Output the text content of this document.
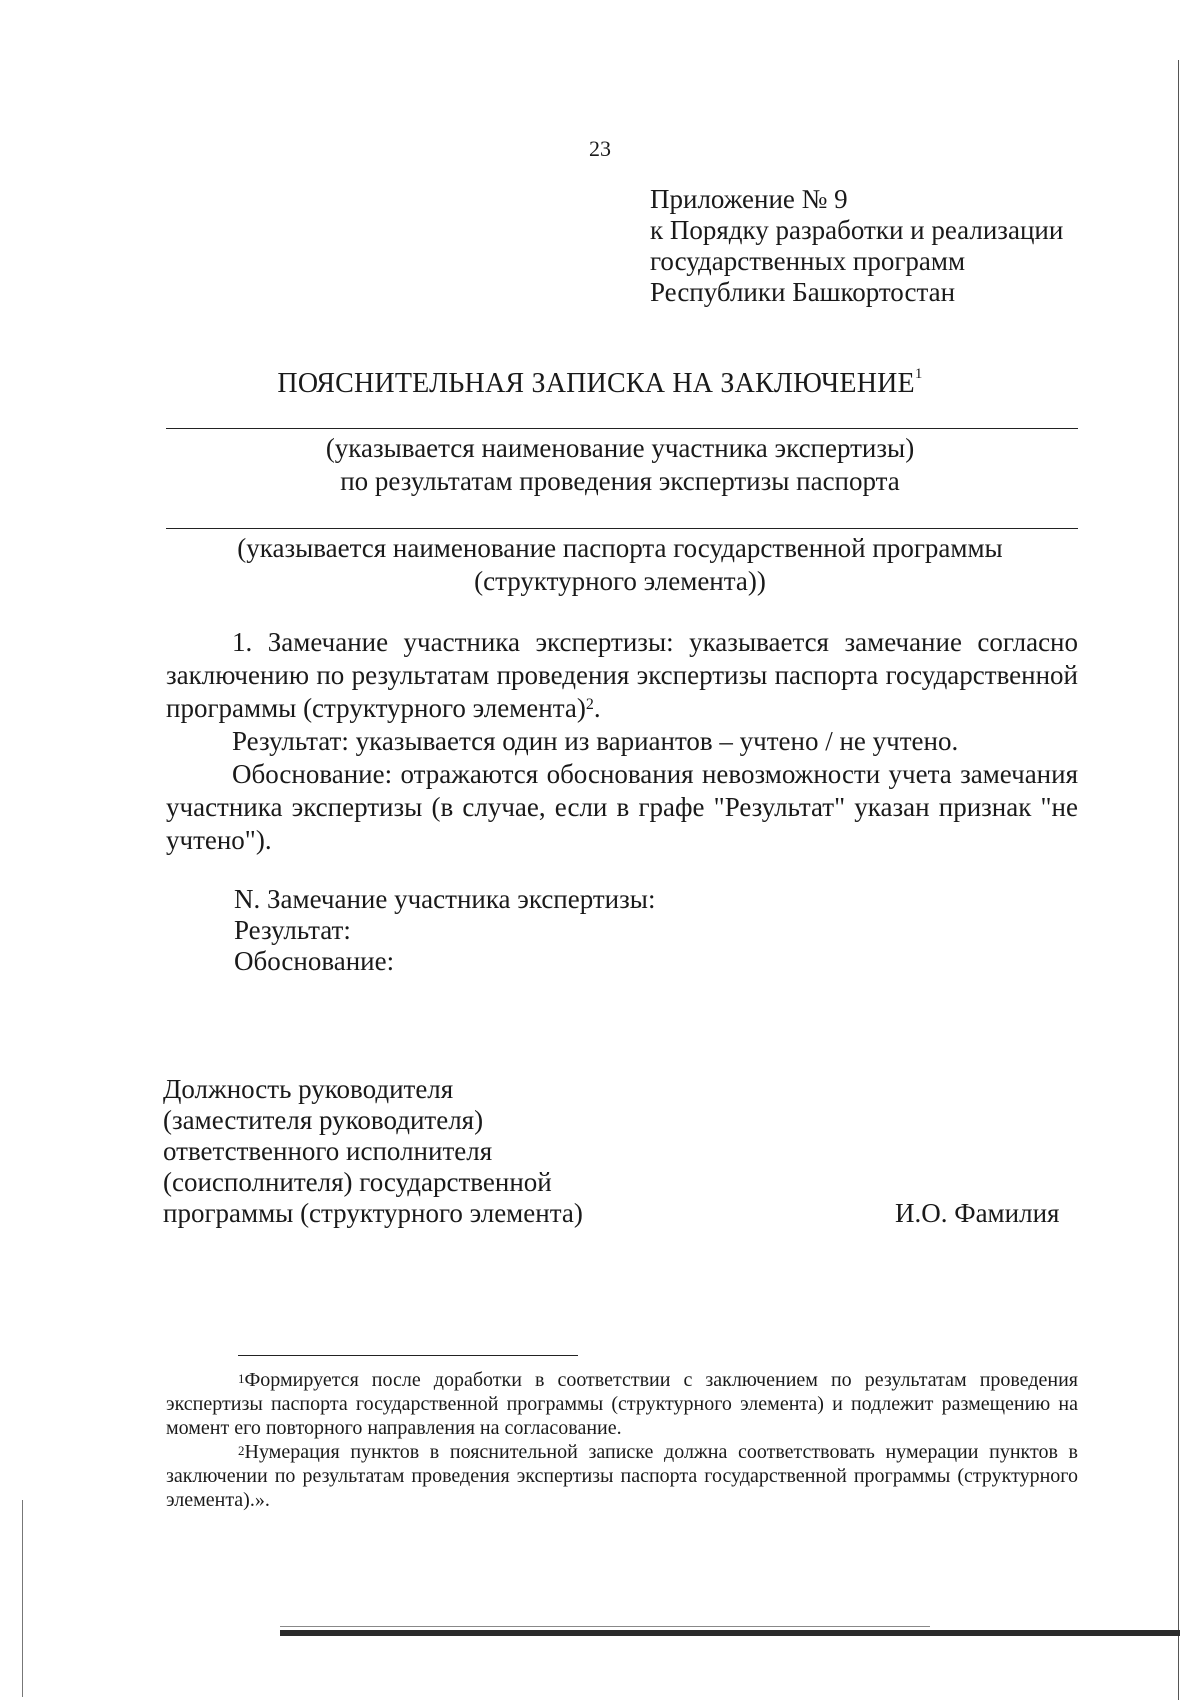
23
Приложение № 9
к Порядку разработки и реализации
государственных программ
Республики Башкортостан
ПОЯСНИТЕЛЬНАЯ ЗАПИСКА НА ЗАКЛЮЧЕНИЕ$^1$
(указывается наименование участника экспертизы)
по результатам проведения экспертизы паспорта
(указывается наименование паспорта государственной программы
(структурного элемента))

1. Замечание участника экспертизы: указывается замечание согласно заключению по результатам проведения экспертизы паспорта государственной программы (структурного элемента)$^2$.

Результат: указывается один из вариантов – учтено / не учтено.

Обоснование: отражаются обоснования невозможности учета замечания участника экспертизы (в случае, если в графе "Результат" указан признак "не учтено").

N. Замечание участника экспертизы:
Результат:
Обоснование:
Должность руководителя
(заместителя руководителя)
ответственного исполнителя
(соисполнителя) государственной
программы (структурного элемента)	И.О. Фамилия

$^1$Формируется после доработки в соответствии с заключением по результатам проведения экспертизы паспорта государственной программы (структурного элемента) и подлежит размещению на момент его повторного направления на согласование.

$^2$Нумерация пунктов в пояснительной записке должна соответствовать нумерации пунктов в заключении по результатам проведения экспертизы паспорта государственной программы (структурного элемента).».
